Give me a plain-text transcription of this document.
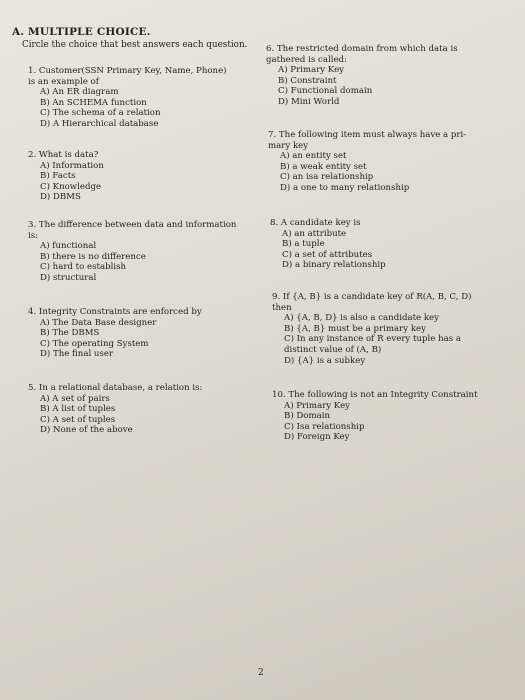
A. MULTIPLE CHOICE.
Circle the choice that best answers each question.
1. Customer(SSN Primary Key, Name, Phone)
is an example of
A) An ER diagram
B) An SCHEMA function
C) The schema of a relation
D) A Hierarchical database
2. What is data?
A) Information
B) Facts
C) Knowledge
D) DBMS
3. The difference between data and information
is:
A) functional
B) there is no difference
C) hard to establish
D) structural
4. Integrity Constraints are enforced by
A) The Data Base designer
B) The DBMS
C) The operating System
D) The final user
5. In a relational database, a relation is:
A) A set of pairs
B) A list of tuples
C) A set of tuples
D) None of the above
6. The restricted domain from which data is
gathered is called:
A) Primary Key
B) Constraint
C) Functional domain
D) Mini World
7. The following item must always have a pri-
mary key
A) an entity set
B) a weak entity set
C) an isa relationship
D) a one to many relationship
8. A candidate key is
A) an attribute
B) a tuple
C) a set of attributes
D) a binary relationship
9. If {A, B} is a candidate key of R(A, B, C, D)
then
A) {A, B, D} is also a candidate key
B) {A, B} must be a primary key
C) In any instance of R every tuple has a
distinct value of (A, B)
D) {A} is a subkey
10. The following is not an Integrity Constraint
A) Primary Key
B) Domain
C) Isa relationship
D) Foreign Key
2
